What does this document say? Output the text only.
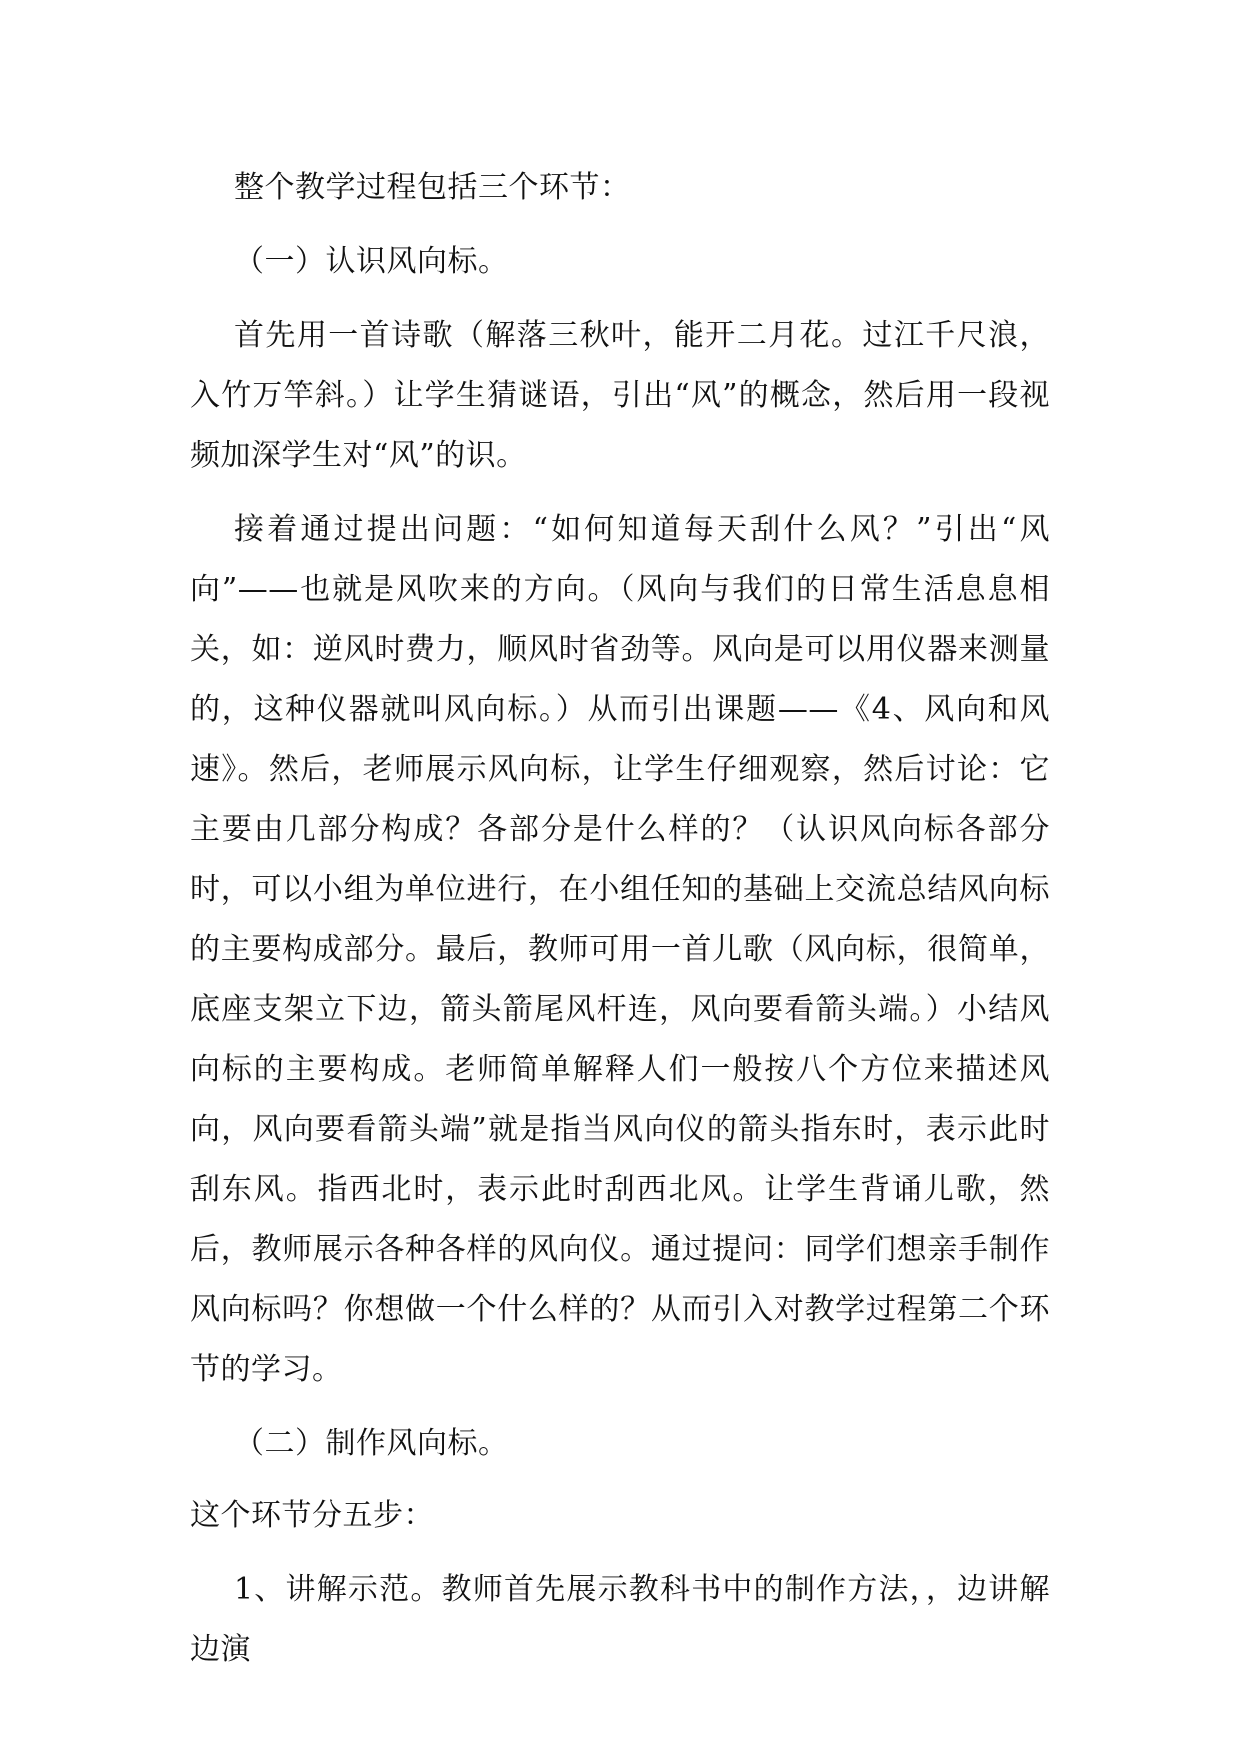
整个教学过程包括三个环节：

（一）认识风向标。

首先用一首诗歌（解落三秋叶，能开二月花。过江千尺浪，入竹万竿斜。）让学生猜谜语，引出“风”的概念，然后用一段视频加深学生对“风”的识。

接着通过提出问题：“如何知道每天刮什么风？”引出“风向”——也就是风吹来的方向。（风向与我们的日常生活息息相关，如：逆风时费力，顺风时省劲等。风向是可以用仪器来测量的，这种仪器就叫风向标。）从而引出课题——《4、风向和风速》。然后，老师展示风向标，让学生仔细观察，然后讨论：它主要由几部分构成？各部分是什么样的？（认识风向标各部分时，可以小组为单位进行，在小组任知的基础上交流总结风向标的主要构成部分。最后，教师可用一首儿歌（风向标，很简单，底座支架立下边，箭头箭尾风杆连，风向要看箭头端。）小结风向标的主要构成。老师简单解释人们一般按八个方位来描述风向，风向要看箭头端”就是指当风向仪的箭头指东时，表示此时刮东风。指西北时，表示此时刮西北风。让学生背诵儿歌，然后，教师展示各种各样的风向仪。通过提问：同学们想亲手制作风向标吗？你想做一个什么样的？从而引入对教学过程第二个环节的学习。

（二）制作风向标。

这个环节分五步：

1、讲解示范。教师首先展示教科书中的制作方法，，边讲解边演
